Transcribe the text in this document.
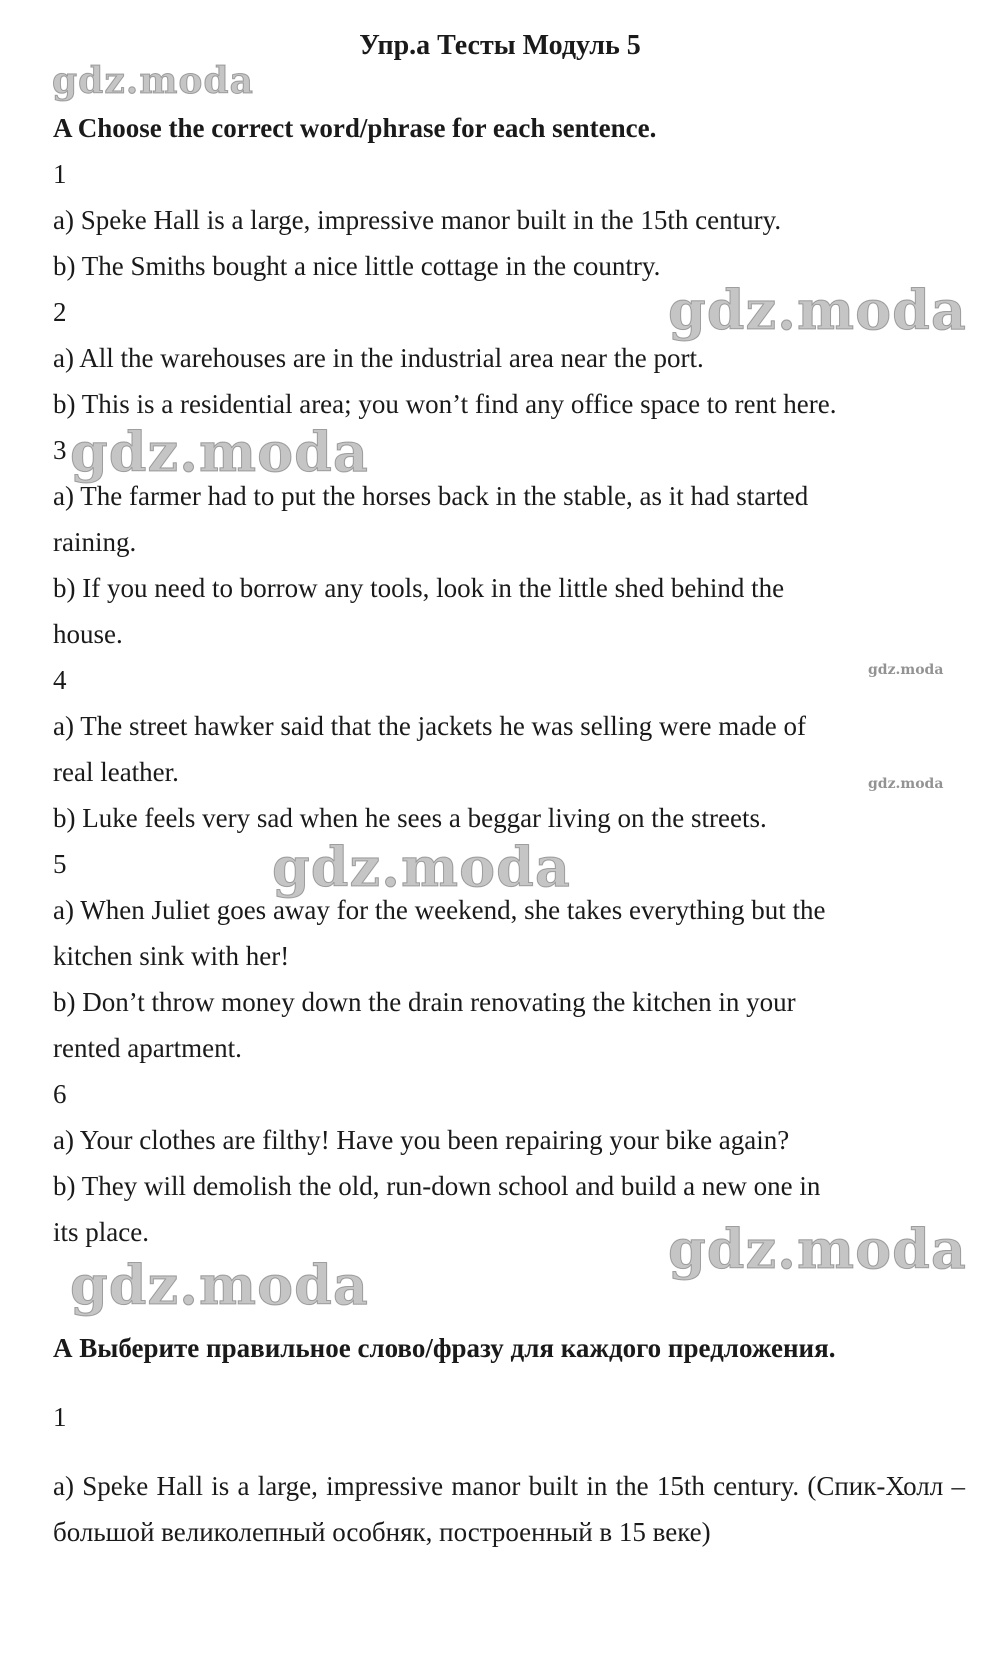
Упр.а Тесты Модуль 5
gdz.moda
gdz.moda
gdz.moda
gdz.moda
gdz.moda
gdz.moda
gdz.moda
gdz.moda
A Choose the correct word/phrase for each sentence.
1
a) Speke Hall is a large, impressive manor built in the 15th century.
b) The Smiths bought a nice little cottage in the country.
2
a) All the warehouses are in the industrial area near the port.
b) This is a residential area; you won’t find any office space to rent here.
3
a) The farmer had to put the horses back in the stable, as it had started
raining.
b) If you need to borrow any tools, look in the little shed behind the
house.
4
a) The street hawker said that the jackets he was selling were made of
real leather.
b) Luke feels very sad when he sees a beggar living on the streets.
5
a) When Juliet goes away for the weekend, she takes everything but the
kitchen sink with her!
b) Don’t throw money down the drain renovating the kitchen in your
rented apartment.
6
a) Your clothes are filthy! Have you been repairing your bike again?
b) They will demolish the old, run-down school and build a new one in
its place.
А Выберите правильное слово/фразу для каждого предложения.
1
a) Speke Hall is a large, impressive manor built in the 15th century. (Спик-Холл – большой великолепный особняк, построенный в 15 веке)
